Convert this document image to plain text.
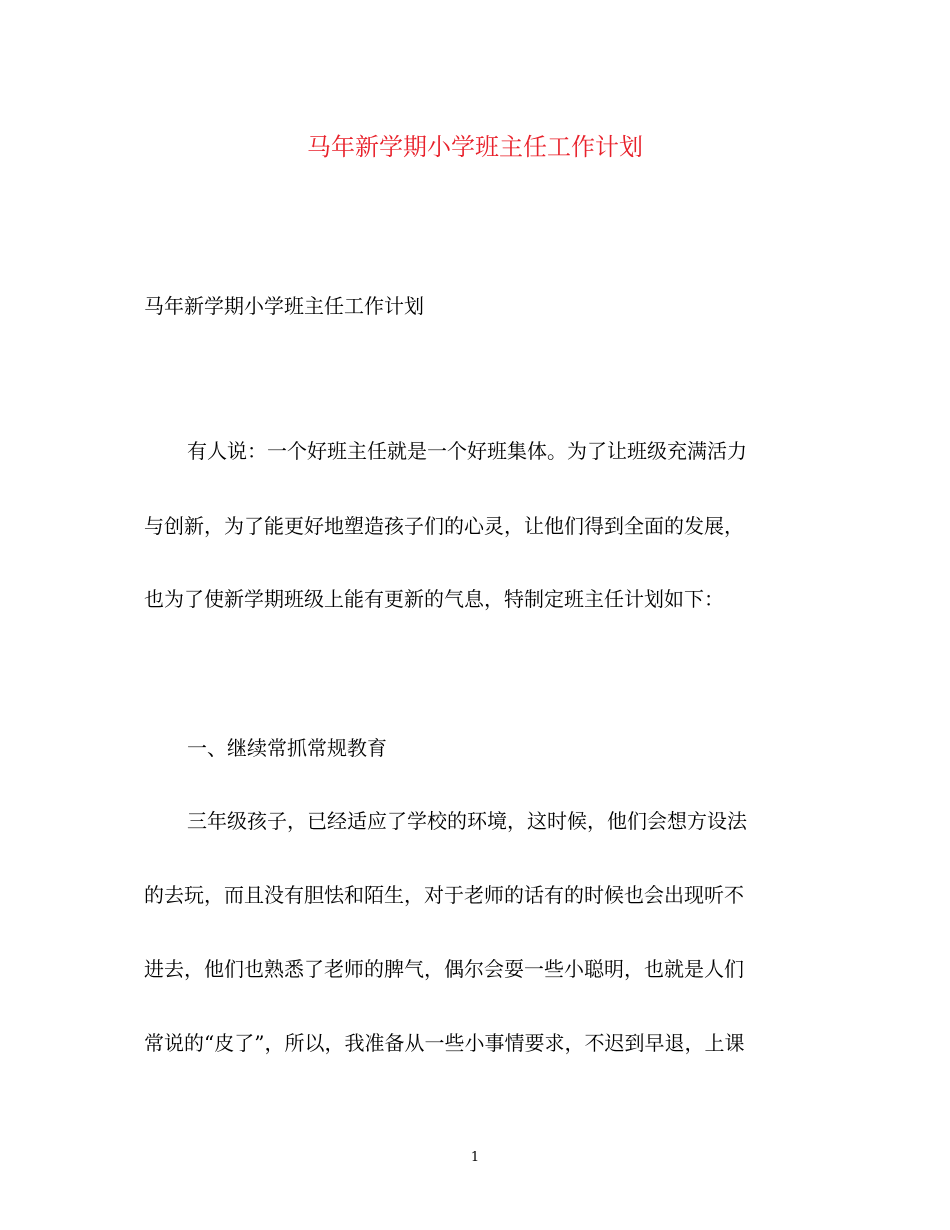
马年新学期小学班主任工作计划
马年新学期小学班主任工作计划
有人说：一个好班主任就是一个好班集体。为了让班级充满活力
与创新，为了能更好地塑造孩子们的心灵，让他们得到全面的发展，
也为了使新学期班级上能有更新的气息，特制定班主任计划如下：
一、继续常抓常规教育
三年级孩子，已经适应了学校的环境，这时候，他们会想方设法
的去玩，而且没有胆怯和陌生，对于老师的话有的时候也会出现听不
进去，他们也熟悉了老师的脾气，偶尔会耍一些小聪明，也就是人们
常说的“皮了”，所以，我准备从一些小事情要求，不迟到早退，上课
1
